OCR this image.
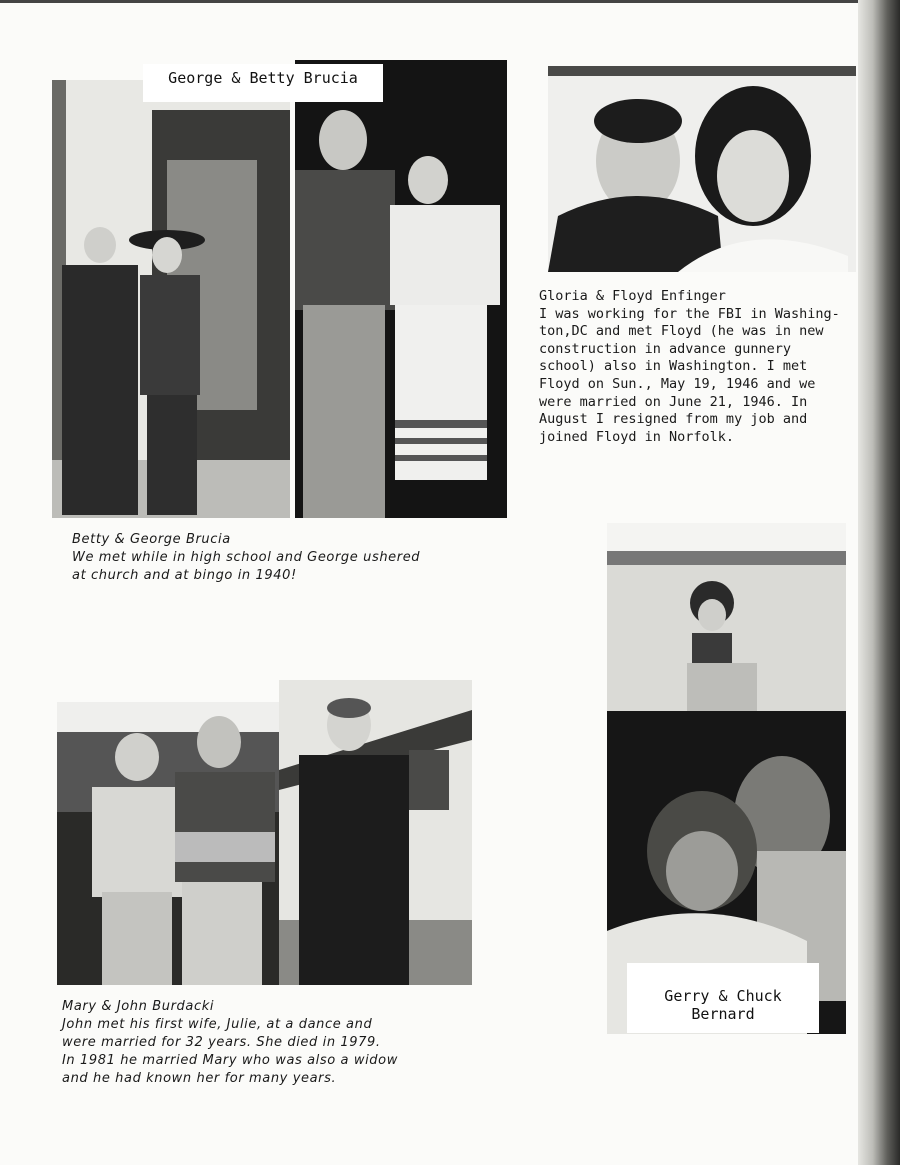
George & Betty Brucia

Gloria & Floyd Enfinger

I was working for the FBI in Washing-

ton,DC and met Floyd (he was in new

construction in advance gunnery

school) also in Washington. I met

Floyd on Sun., May 19, 1946 and we

were married on June 21, 1946. In

August I resigned from my job and

joined Floyd in Norfolk.

Betty & George Brucia

We met while in high school and George ushered

at church and at bingo in 1940!

Gerry & Chuck
Bernard

Mary & John Burdacki

John met his first wife, Julie, at a dance and

were married for 32 years. She died in 1979.

In 1981 he married Mary who was also a widow

and he had known her for many years.
